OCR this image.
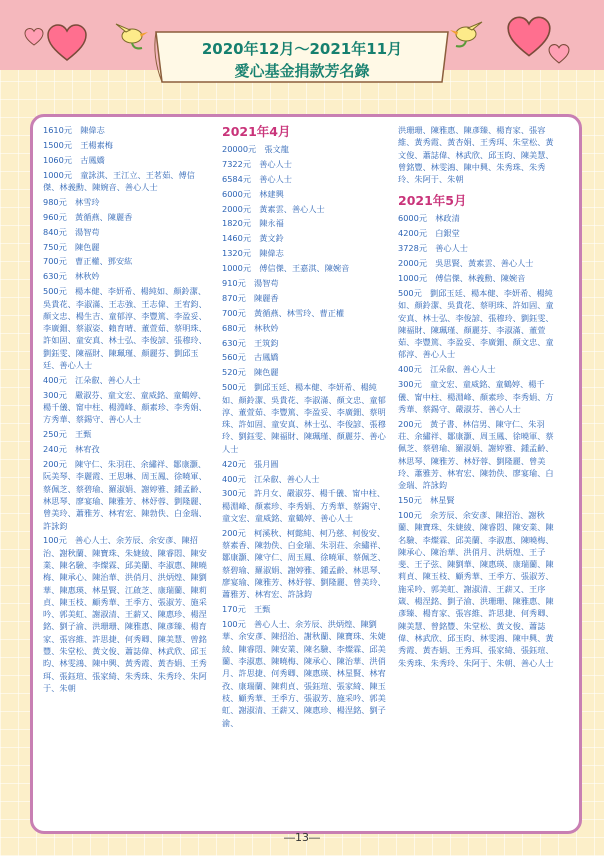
2020年12月～2021年11月
愛心基金捐款芳名錄
1610元　陳偉志
1500元　王楊素梅
1060元　古鳳嬌
1000元　童詠淇、王江立、王茗茹、傅信傑、林義勳、陳婉音、善心人士
980元　林雪玲
960元　黃循燕、陳麗香
840元　湯智苟
750元　陳色麗
700元　曹正權、鄧安紘
630元　林秋妗
500元　楊本健、李妍希、楊純如、顏鈴潔、吳貴花、李淑滿、王志強、王志偉、王宥鈞、顏文忠、楊生吉、童郁淳、李豐篤、李盈妥、李廣鈿、蔡淑姿、賴育晴、董萱茹、蔡明珠、許如固、童安真、林士弘、李俊諺、張穆玲、劉鈺雯、陳福財、陳珮瑾、顏麗芬、劉邱玉廷、善心人士
400元　江朵叡、善心人士
300元　嚴淑芬、童文宏、童威銘、童鶴婷、楊千儀、甯中柱、楊淵峰、顏素珍、李秀娟、方秀華、蔡錫守、善心人士
250元　王甄
240元　林宥孜
200元　陳守仁、朱羽荘、余繡祥、鄒康灝、阮美琴、李麗霞、王思琳、周玉鳳、徐曉軍、蔡佩芝、蔡碧瑜、羅淑娟、謝婷雅、鍾孟齡、林思琴、廖宴瑜、陳雅芳、林妤蓉、劉隆麗、曾美玲、蕭雅芳、林宥宏、陳勃佚、白金瑞、許詠鈞
100元　善心人士、余芳辰、余安彥、陳招治、謝秋蘭、陳寶珠、朱婕綾、陳睿悶、陳安業、陳名驗、李燦霖、邱美蘭、李淑惠、陳曉梅、陳承心、陳治華、洪俏月、洪炳煌、陳劉華、陳惠瑛、林星賢、江啟芝、康瑞蘭、陳莉貞、陳玉枝、顧秀華、王季方、張淑芳、施采吟、郭美虹、謝淑清、王薪又、陳惠珍、楊涅銘、劉子渝、洪珊珊、陳雅惠、陳彥臻、楊育家、張容維、許思捷、何秀卿、陳美慧、曾銘豐、朱堂松、黃文俊、蕭誌偉、林武欣、邱玉昀、林雯鴻、陳中興、黃秀霞、黃杏娟、王秀珥、張鈺瑄、張家綺、朱秀珠、朱秀玲、朱阿于、朱朝
2021年4月
20000元　張文龍
7322元　善心人士
6584元　善心人士
6000元　林建興
2000元　黃素雲、善心人士
1820元　陳永福
1460元　黃文鈴
1320元　陳偉志
1000元　傅信傑、王嘉淇、陳婉音
910元　湯智苟
870元　陳麗香
700元　黃循燕、林雪玲、曹正權
680元　林秋妗
630元　王筑鈞
560元　古鳳嬌
520元　陳色麗
500元　劉邱玉廷、楊本健、李妍希、楊純如、顏鈴潔、吳貴花、李淑滿、顏文忠、童郁淳、董萱茹、李豐篤、李盈妥、李廣鈿、蔡明珠、許如固、童安真、林士弘、李俊諺、張穆玲、劉鈺雯、陳福財、陳珮瑾、顏麗芬、善心人士
420元　張月圓
400元　江朵叡、善心人士
300元　許月女、嚴淑芬、楊千儀、甯中柱、楊淵峰、顏素珍、李秀娟、方秀華、蔡錫守、童文宏、童威銘、童鶴婷、善心人士
200元　柯溪秋、柯懿純、柯乃慈、柯俊安、蔡素香、陳勃佚、白金瑞、朱羽荘、余繡祥、鄒康灝、陳守仁、周玉鳳、徐曉軍、蔡佩芝、蔡碧瑜、羅淑娟、謝婷雅、鍾孟齡、林思琴、廖宴瑜、陳雅芳、林妤蓉、劉隆麗、曾美玲、蕭雅芳、林宥宏、許詠鈞
170元　王甄
100元　善心人士、余芳辰、洪炳煌、陳劉華、余安彥、陳招治、謝秋蘭、陳寶珠、朱婕綾、陳睿悶、陳安業、陳名驗、李燦霖、邱美蘭、李淑惠、陳曉梅、陳承心、陳治華、洪俏月、許思捷、何秀卿、陳惠瑛、林星賢、林宥孜、康瑞蘭、陳莉貞、張鈺瑄、張家綺、陳玉枝、顧秀華、王季方、張淑芳、施采吟、郭美虹、謝淑清、王薪又、陳惠珍、楊涅銘、劉子渝、
洪珊珊、陳雅惠、陳彥臻、楊育家、張容維、黃秀霞、黃杏娟、王秀珥、朱堂松、黃文俊、蕭誌偉、林武欣、邱玉昀、陳美慧、曾銘豐、林雯鴻、陳中興、朱秀珠、朱秀玲、朱阿于、朱朝
2021年5月
6000元　林政清
4200元　白銀堂
3728元　善心人士
2000元　吳思賢、黃素雲、善心人士
1000元　傅信傑、林義勳、陳婉音
500元　劉邱玉廷、楊本健、李妍希、楊純如、顏鈴潔、吳貴花、蔡明珠、許如固、童安真、林士弘、李俊諺、張穆玲、劉鈺雯、陳福財、陳珮瑾、顏麗芬、李淑滿、董萱茹、李豐篤、李盈妥、李廣鈿、顏文忠、童郁淳、善心人士
400元　江朵叡、善心人士
300元　童文宏、童威銘、童鶴婷、楊千儀、甯中柱、楊淵峰、顏素珍、李秀娟、方秀華、蔡錫守、嚴淑芬、善心人士
200元　黃子書、林信男、陳守仁、朱羽荘、余繡祥、鄒康灝、周玉鳳、徐曉軍、蔡佩芝、蔡碧瑜、羅淑娟、謝婷雅、鍾孟齡、林思琴、陳雅芳、林妤蓉、劉隆麗、曾美玲、蕭雅芳、林宥宏、陳勃佚、廖宴瑜、白金瑞、許詠鈞
150元　林星賢
100元　余芳辰、余安彥、陳招治、謝秋蘭、陳寶珠、朱婕綾、陳睿悶、陳安業、陳名驗、李燦霖、邱美蘭、李淑惠、陳曉梅、陳承心、陳治華、洪俏月、洪炳煌、王子斐、王子弦、陳劉華、陳惠瑛、康瑞蘭、陳莉貞、陳玉枝、顧秀華、王季方、張淑芳、施采吟、郭美虹、謝淑清、王薪又、王序箴、楊涅銘、劉子渝、洪珊珊、陳雅惠、陳彥臻、楊育家、張容維、許思捷、何秀卿、陳美慧、曾銘豐、朱堂松、黃文俊、蕭誌偉、林武欣、邱玉昀、林雯鴻、陳中興、黃秀霞、黃杏娟、王秀珥、張家綺、張鈺瑄、朱秀珠、朱秀玲、朱阿于、朱朝、善心人士
―13―
